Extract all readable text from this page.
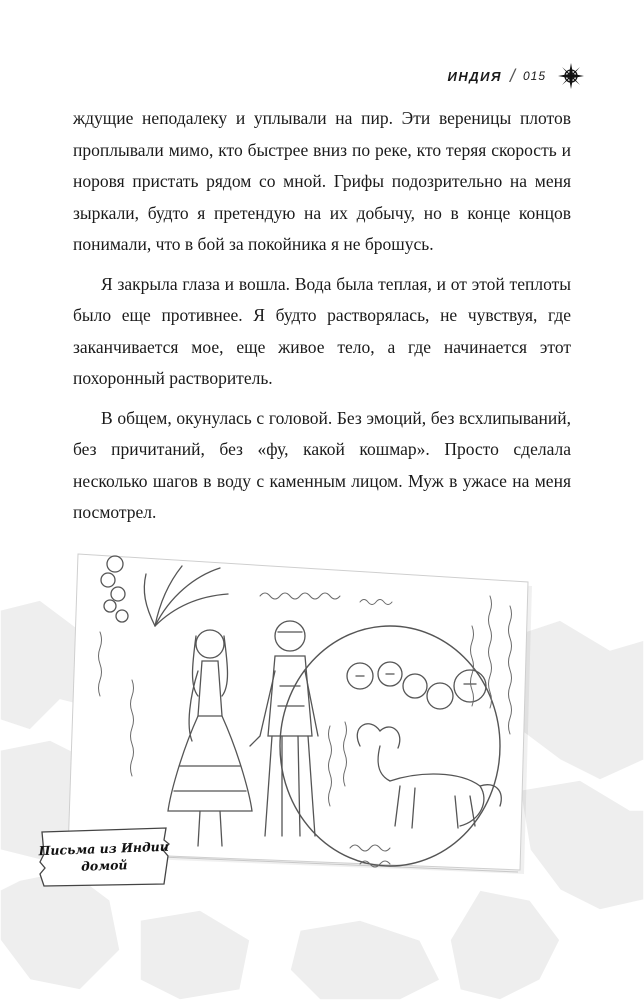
ИНДИЯ / 015

ждущие неподалеку и уплывали на пир. Эти вереницы плотов проплывали мимо, кто быстрее вниз по реке, кто теряя скорость и норовя пристать рядом со мной. Грифы подозрительно на меня зыркали, будто я претендую на их добычу, но в конце концов понимали, что в бой за покойника я не брошусь.

Я закрыла глаза и вошла. Вода была теплая, и от этой теплоты было еще противнее. Я будто растворялась, не чувствуя, где заканчивается мое, еще живое тело, а где начинается этот похоронный растворитель.

В общем, окунулась с головой. Без эмоций, без всхлипываний, без причитаний, без «фу, какой кошмар». Просто сделала несколько шагов в воду с каменным лицом. Муж в ужасе на меня посмотрел.

Письма из Индии
домой
